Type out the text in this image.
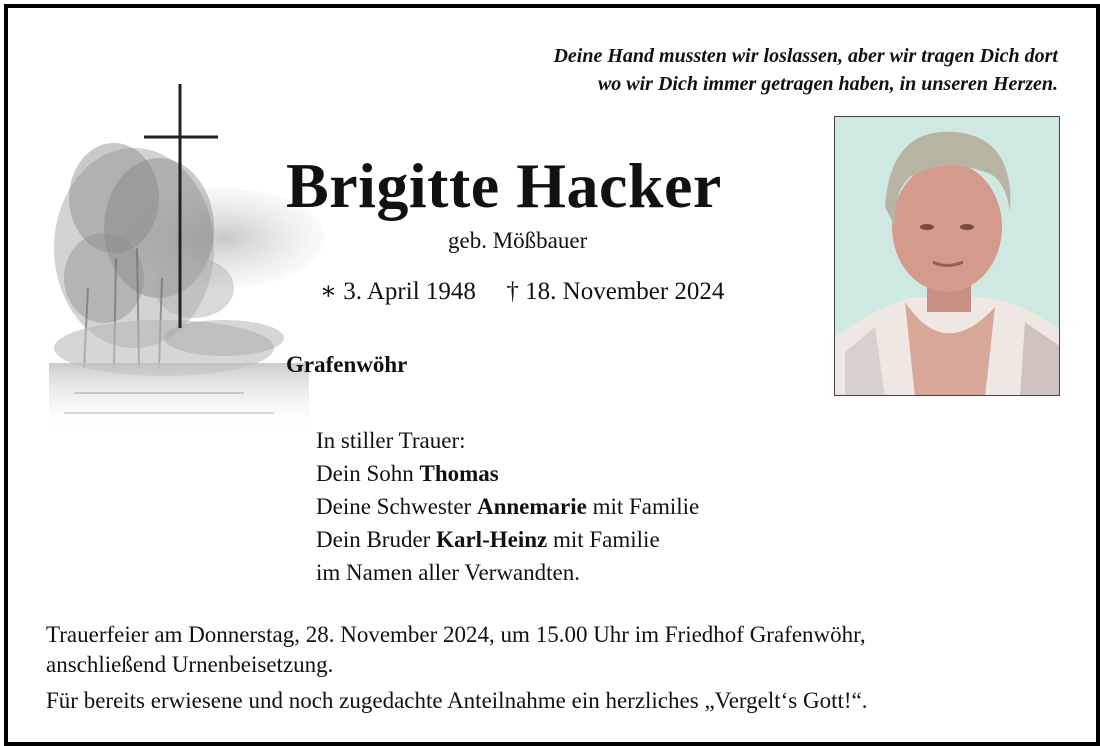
Deine Hand mussten wir loslassen, aber wir tragen Dich dort
wo wir Dich immer getragen haben, in unseren Herzen.
Brigitte Hacker
geb. Mößbauer
∗ 3. April 1948 † 18. November 2024
Grafenwöhr
In stiller Trauer:
Dein Sohn Thomas
Deine Schwester Annemarie mit Familie
Dein Bruder Karl-Heinz mit Familie
im Namen aller Verwandten.
Trauerfeier am Donnerstag, 28. November 2024, um 15.00 Uhr im Friedhof Grafenwöhr,
anschließend Urnenbeisetzung.
Für bereits erwiesene und noch zugedachte Anteilnahme ein herzliches „Vergelt‘s Gott!“.
